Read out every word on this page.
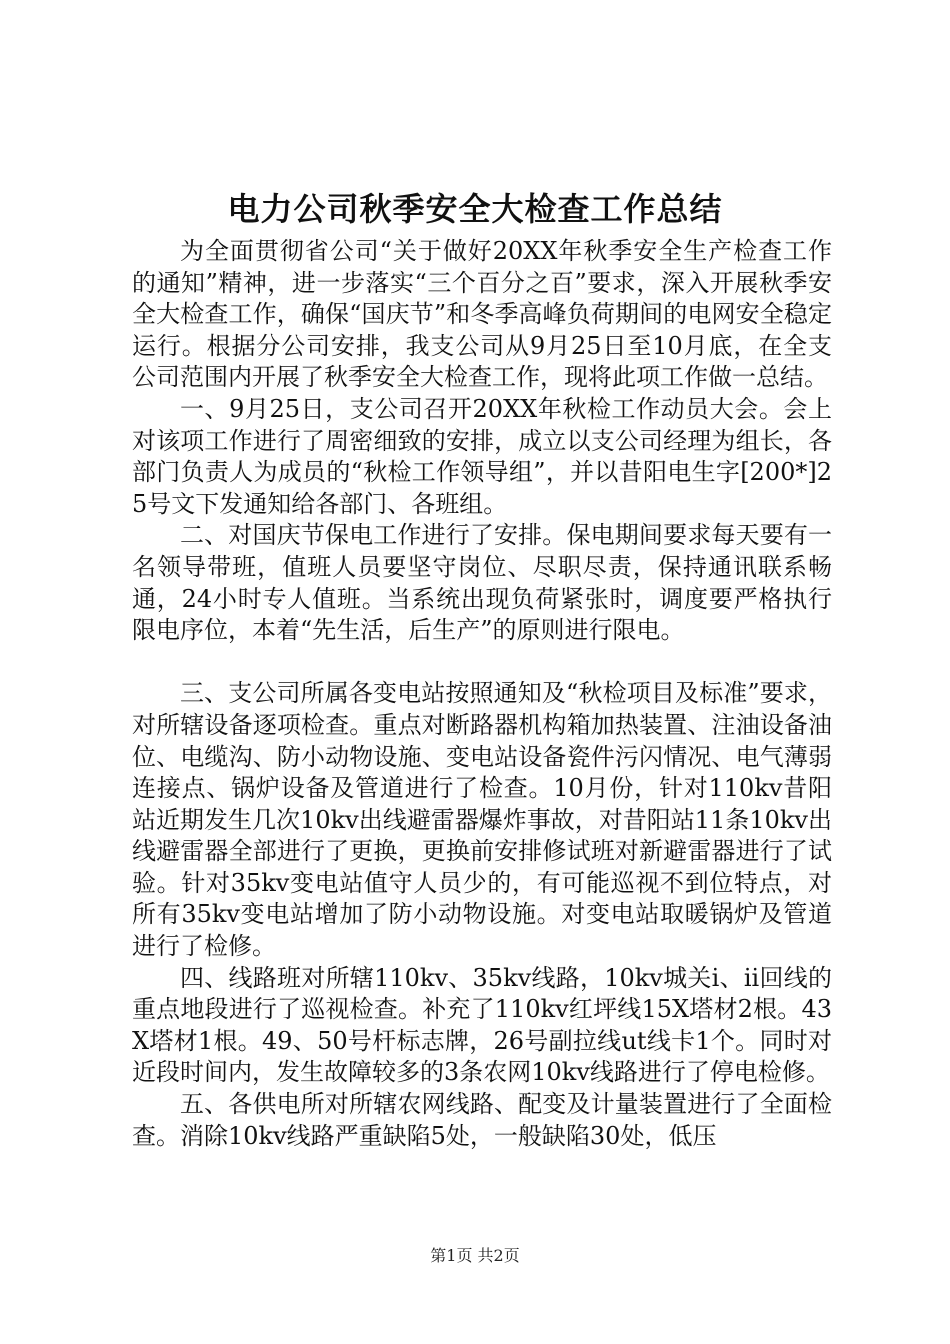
电力公司秋季安全大检查工作总结

为全面贯彻省公司“关于做好20XX年秋季安全生产检查工作的通知”精神，进一步落实“三个百分之百”要求，深入开展秋季安全大检查工作，确保“国庆节”和冬季高峰负荷期间的电网安全稳定运行。根据分公司安排，我支公司从9月25日至10月底，在全支公司范围内开展了秋季安全大检查工作，现将此项工作做一总结。

一、9月25日，支公司召开20XX年秋检工作动员大会。会上对该项工作进行了周密细致的安排，成立以支公司经理为组长，各部门负责人为成员的“秋检工作领导组”，并以昔阳电生字[200*]25号文下发通知给各部门、各班组。

二、对国庆节保电工作进行了安排。保电期间要求每天要有一名领导带班，值班人员要坚守岗位、尽职尽责，保持通讯联系畅通，24小时专人值班。当系统出现负荷紧张时，调度要严格执行限电序位，本着“先生活，后生产”的原则进行限电。

三、支公司所属各变电站按照通知及“秋检项目及标准”要求，对所辖设备逐项检查。重点对断路器机构箱加热装置、注油设备油位、电缆沟、防小动物设施、变电站设备瓷件污闪情况、电气薄弱连接点、锅炉设备及管道进行了检查。10月份，针对110kv昔阳站近期发生几次10kv出线避雷器爆炸事故，对昔阳站11条10kv出线避雷器全部进行了更换，更换前安排修试班对新避雷器进行了试验。针对35kv变电站值守人员少的，有可能巡视不到位特点，对所有35kv变电站增加了防小动物设施。对变电站取暖锅炉及管道进行了检修。

四、线路班对所辖110kv、35kv线路，10kv城关i、ii回线的重点地段进行了巡视检查。补充了110kv红坪线15X塔材2根。43X塔材1根。49、50号杆标志牌，26号副拉线ut线卡1个。同时对近段时间内，发生故障较多的3条农网10kv线路进行了停电检修。

五、各供电所对所辖农网线路、配变及计量装置进行了全面检查。消除10kv线路严重缺陷5处，一般缺陷30处，低压

第1页 共2页
